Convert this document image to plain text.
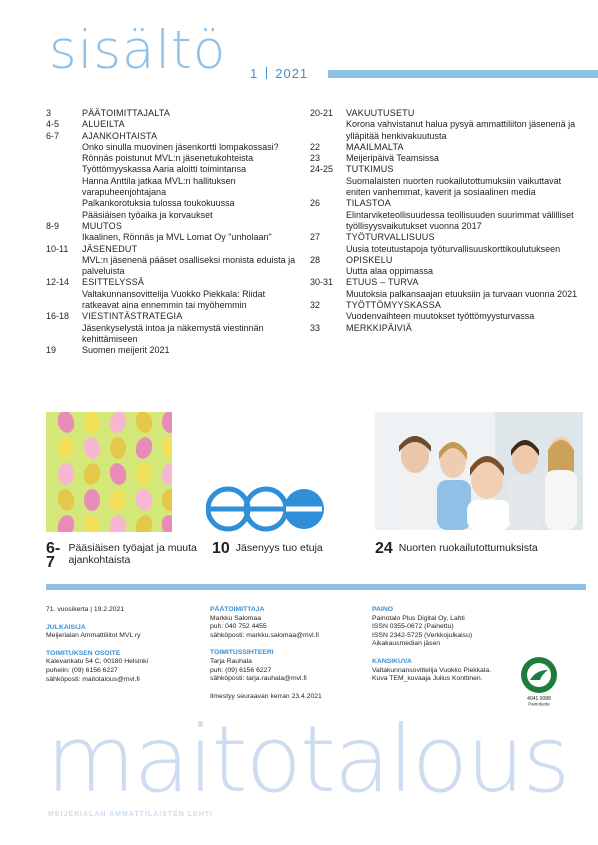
sisältö 1 2021
3	PÄÄTOIMITTAJALTA
4-5	ALUEILTA
6-7	AJANKOHTAISTA
Onko sinulla muovinen jäsenkortti lompakossasi?
Rönnäs poistunut MVL:n jäsenetukohteista
Työttömyyskassa Aaria aloitti toimintansa
Hanna Anttila jatkaa MVL:n hallituksen varapuheenjohtajana
Palkankorotuksia tulossa toukokuussa
Pääsiäisen työaika ja korvaukset
8-9	MUUTOS
Ikaalinen, Rönnäs ja MVL Lomat Oy "unholaan"
10-11	JÄSENEDUT
MVL:n jäsenenä pääset osalliseksi monista eduista ja palveluista
12-14	ESITTELYSSÄ
Valtakunnansovittelija Vuokko Piekkala: Riidat ratkeavat aina ennemmin tai myöhemmin
16-18	VIESTINTÄSTRATEGIA
Jäsenkyselystä intoa ja näkemystä viestinnän kehittämiseen
19	Suomen meijerit 2021
20-21	VAKUUTUSETU
Korona vahvistanut halua pysyä ammattiliiton jäsenenä ja ylläpitää henkivakuutusta
22	MAAILMALTA
23	Meijeripäivä Teamsissa
24-25	TUTKIMUS
Suomalaisten nuorten ruokailutottumuksiin vaikuttavat eniten vanhemmat, kaverit ja sosiaalinen media
26	TILASTOA
Elintarviketeollisuudessa teollisuuden suurimmat välilliset työllisyysvaikutukset vuonna 2017
27	TYÖTURVALLISUUS
Uusia toteutustapoja työturvallisuuskorttikoulutukseen
28	OPISKELU
Uutta alaa oppimassa
30-31	ETUUS – TURVA
Muutoksia palkansaajan etuuksiin ja turvaan vuonna 2021
32	TYÖTTÖMYYSKASSA
Vuodenvaihteen muutokset työttömyysturvassa
33	MERKKIPÄIVIÄ
6-7
Pääsiäisen työajat ja muuta ajankohtaista
10 Jäsenyys tuo etuja	24 Nuorten ruokailutottumuksista
71. vuosikerta | 19.2.2021
JULKAISIJA
Meijerialan Ammattiliitot MVL ry
TOIMITUKSEN OSOITE
Kalevankatu 54 C, 00180 Helsinki
puhelin: (09) 6156 6227
sähköposti: maitotalous@mvl.fi
PÄÄTOIMITTAJA
Markku Salomaa
puh: 040 752 4455
sähköposti: markku.salomaa@mvl.fi
TOIMITUSSIHTEERI
Tarja Rauhala
puh: (09) 6156 6227
sähköposti: tarja.rauhala@mvl.fi
Ilmestyy seuraavan kerran 23.4.2021
PAINO
Painotalo Plus Digital Oy, Lahti
ISSN 0355-0672 (Painettu)
ISSN 2342-5725 (Verkkojulkaisu)
Aikakausmedian jäsen
KANSIKUVA
Valtakunnansovittelija Vuokko Piekkala.
Kuva TEM_kuvaaja Julius Konttinen.
4041 0088
Painotuote
maitotalous
MEIJERIALAN AMMATTILAISTEN LEHTI
